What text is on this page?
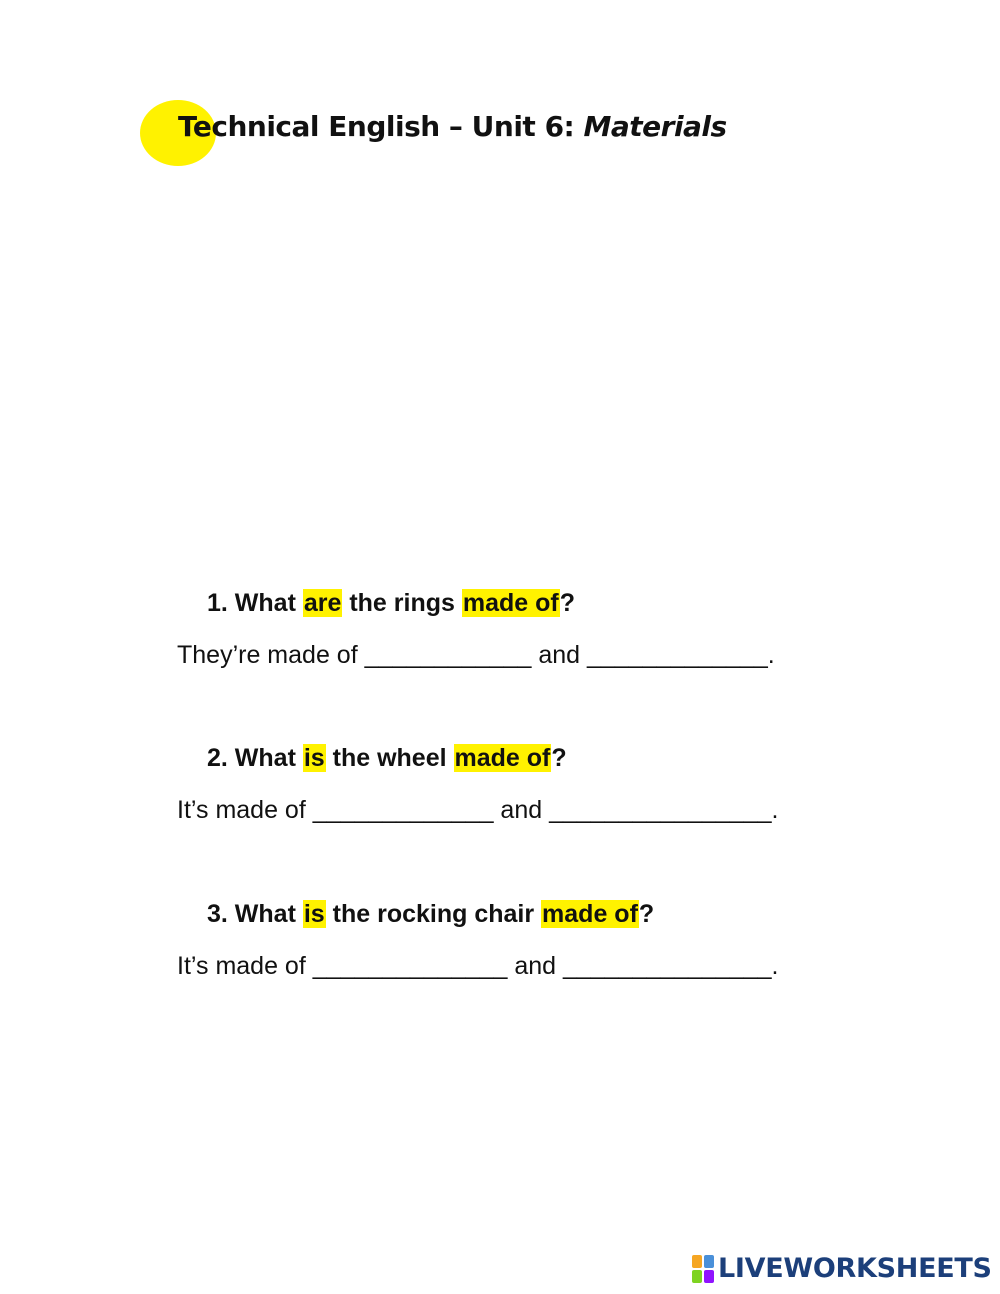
Technical English – Unit 6: Materials
1. What are the rings made of?
They’re made of ____________ and _____________.
2. What is the wheel made of?
It’s made of _____________ and ________________.
3. What is the rocking chair made of?
It’s made of ______________ and _______________.
LIVEWORKSHEETS
